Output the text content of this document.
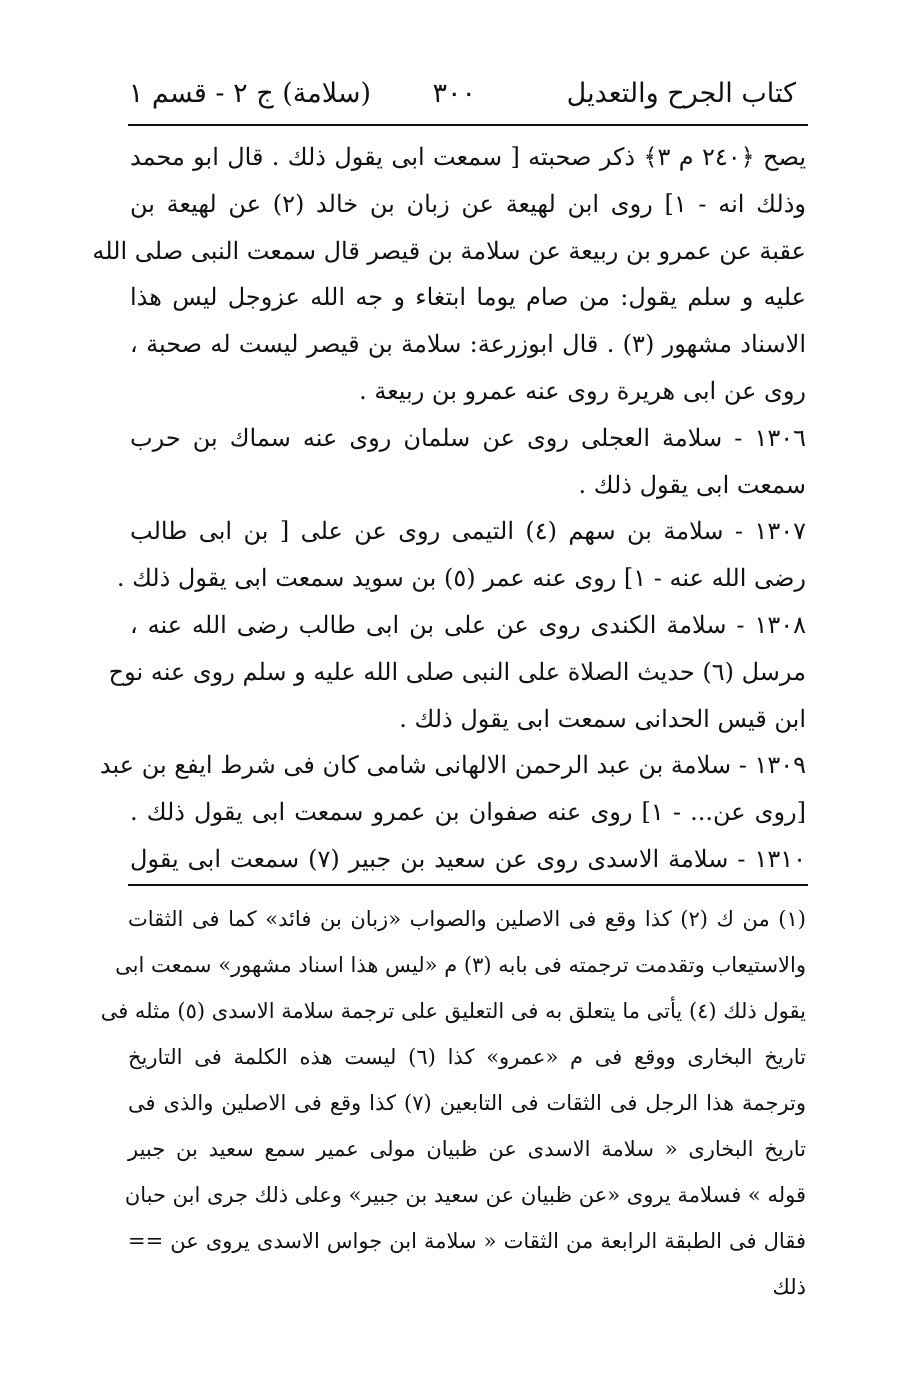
كتاب الجرح والتعديل
٣٠٠
(سلامة) ج ٢ - قسم ١
يصح ﴿٢٤٠ م ٣﴾ ذكر صحبته [ سمعت ابى يقول ذلك . قال ابو محمد
وذلك انه - ١] روى ابن لهيعة عن زبان بن خالد (٢) عن لهيعة بن
عقبة عن عمرو بن ربيعة عن سلامة بن قيصر قال سمعت النبى صلى الله
عليه و سلم يقول: من صام يوما ابتغاء و جه الله عزوجل ليس هذا
الاسناد مشهور (٣) . قال ابوزرعة: سلامة بن قيصر ليست له صحبة ،
روى عن ابى هريرة روى عنه عمرو بن ربيعة .
١٣٠٦ - سلامة العجلى روى عن سلمان روى عنه سماك بن حرب
سمعت ابى يقول ذلك .
١٣٠٧ - سلامة بن سهم (٤) التيمى روى عن على [ بن ابى طالب
رضى الله عنه - ١] روى عنه عمر (٥) بن سويد سمعت ابى يقول ذلك .
١٣٠٨ - سلامة الكندى روى عن على بن ابى طالب رضى الله عنه ،
مرسل (٦) حديث الصلاة على النبى صلى الله عليه و سلم روى عنه نوح
ابن قيس الحدانى سمعت ابى يقول ذلك .
١٣٠٩ - سلامة بن عبد الرحمن الالهانى شامى كان فى شرط ايفع بن عبد
[روى عن... - ١] روى عنه صفوان بن عمرو سمعت ابى يقول ذلك .
١٣١٠ - سلامة الاسدى روى عن سعيد بن جبير (٧) سمعت ابى يقول
(١) من ك (٢) كذا وقع فى الاصلين والصواب «زبان بن فائد» كما فى الثقات
والاستيعاب وتقدمت ترجمته فى بابه (٣) م «ليس هذا اسناد مشهور» سمعت ابى
يقول ذلك (٤) يأتى ما يتعلق به فى التعليق على ترجمة سلامة الاسدى (٥) مثله فى
تاريخ البخارى ووقع فى م «عمرو» كذا (٦) ليست هذه الكلمة فى التاريخ
وترجمة هذا الرجل فى الثقات فى التابعين (٧) كذا وقع فى الاصلين والذى فى
تاريخ البخارى « سلامة الاسدى عن ظبيان مولى عمير سمع سعيد بن جبير
قوله » فسلامة يروى «عن ظبيان عن سعيد بن جبير» وعلى ذلك جرى ابن حبان
فقال فى الطبقة الرابعة من الثقات « سلامة ابن جواس الاسدى يروى عن ==
ذلك
